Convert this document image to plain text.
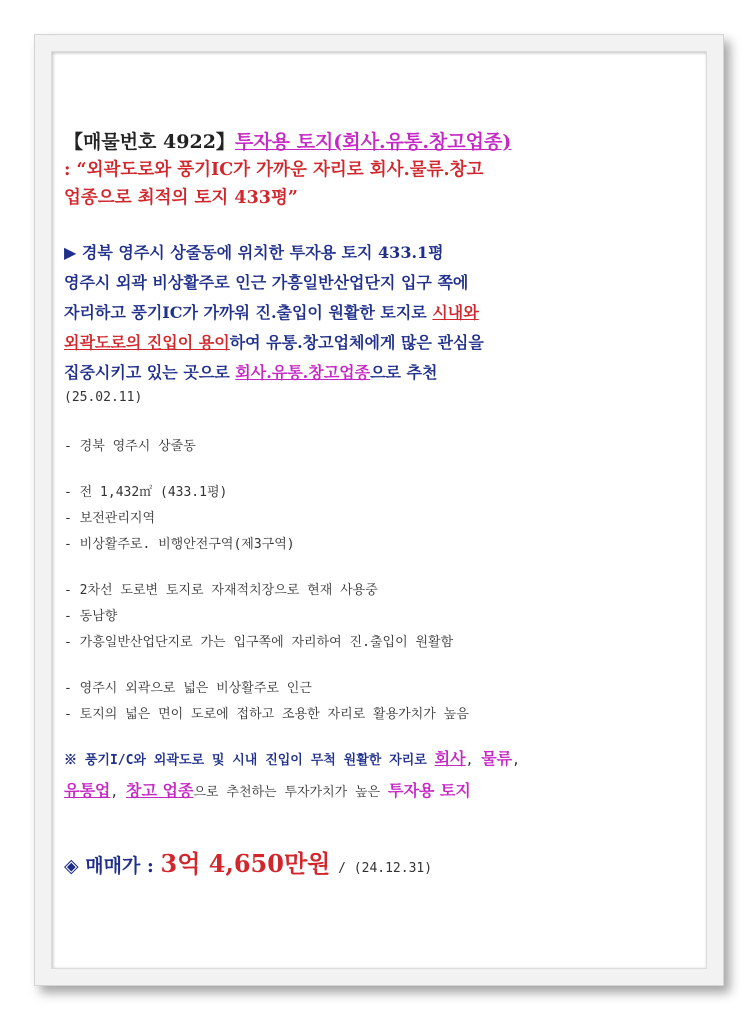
【매물번호 4922】투자용 토지(회사.유통.창고업종)
: “외곽도로와 풍기IC가 가까운 자리로 회사.물류.창고
업종으로 최적의 토지 433평”
▶ 경북 영주시 상줄동에 위치한 투자용 토지 433.1평
영주시 외곽 비상활주로 인근 가흥일반산업단지 입구 쪽에
자리하고 풍기IC가 가까워 진.출입이 원활한 토지로 시내와
외곽도로의 진입이 용이하여 유통.창고업체에게 많은 관심을
집중시키고 있는 곳으로 회사.유통.창고업종으로 추천
(25.02.11)
- 경북 영주시 상줄동
- 전 1,432㎡ (433.1평)
- 보전관리지역
- 비상활주로. 비행안전구역(제3구역)
- 2차선 도로변 토지로 자재적치장으로 현재 사용중
- 동남향
- 가흥일반산업단지로 가는 입구쪽에 자리하여 진.출입이 원활함
- 영주시 외곽으로 넓은 비상활주로 인근
- 토지의 넓은 면이 도로에 접하고 조용한 자리로 활용가치가 높음
※ 풍기I/C와 외곽도로 및 시내 진입이 무척 원활한 자리로 회사, 물류,
유통업, 창고 업종으로 추천하는 투자가치가 높은 투자용 토지
◈ 매매가 : 3억 4,650만원 / (24.12.31)
